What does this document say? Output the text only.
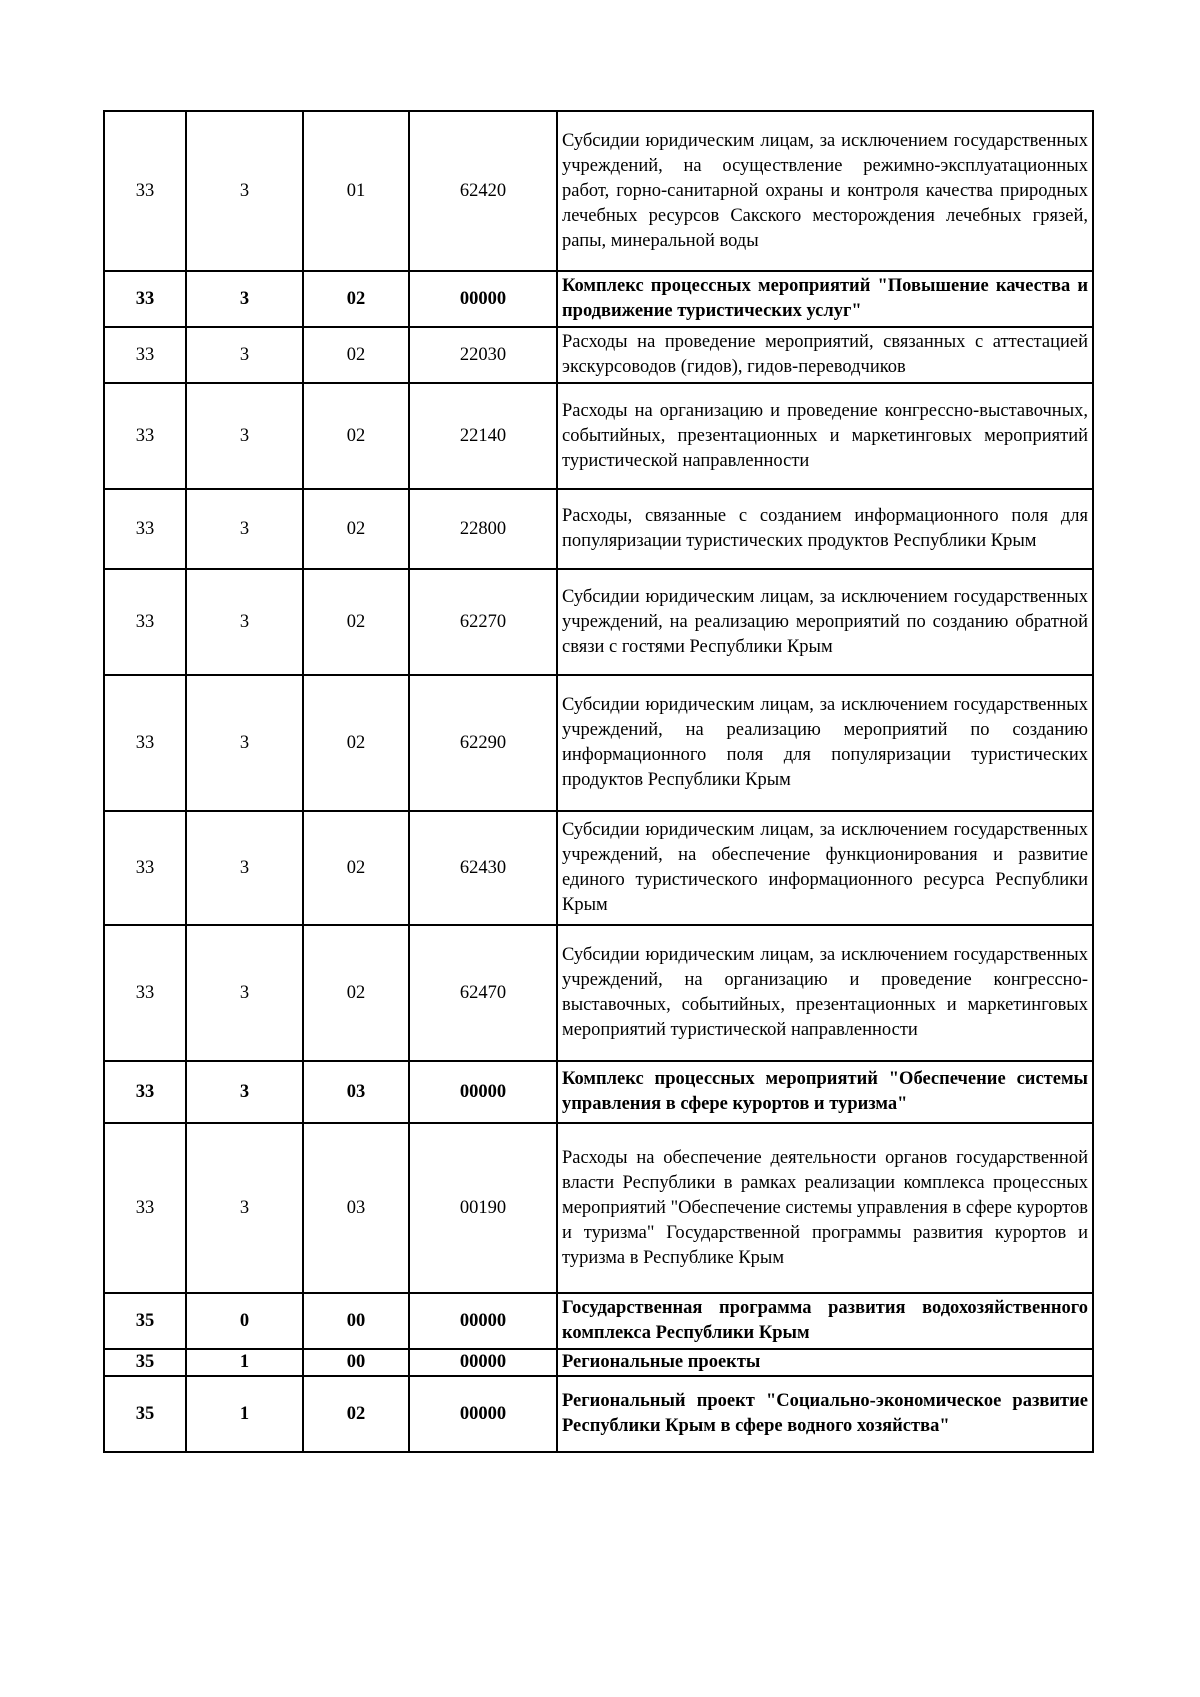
33	3	01	62420	Субсидии юридическим лицам, за исключением государственных учреждений, на осуществление режимно-эксплуатационных работ, горно-санитарной охраны и контроля качества природных лечебных ресурсов Сакского месторождения лечебных грязей, рапы, минеральной воды
33	3	02	00000	Комплекс процессных мероприятий "Повышение качества и продвижение туристических услуг"
33	3	02	22030	Расходы на проведение мероприятий, связанных с аттестацией экскурсоводов (гидов), гидов-переводчиков
33	3	02	22140	Расходы на организацию и проведение конгрессно-выставочных, событийных, презентационных и маркетинговых мероприятий туристической направленности
33	3	02	22800	Расходы, связанные с созданием информационного поля для популяризации туристических продуктов Республики Крым
33	3	02	62270	Субсидии юридическим лицам, за исключением государственных учреждений, на реализацию мероприятий по созданию обратной связи с гостями Республики Крым
33	3	02	62290	Субсидии юридическим лицам, за исключением государственных учреждений, на реализацию мероприятий по созданию информационного поля для популяризации туристических продуктов Республики Крым
33	3	02	62430	Субсидии юридическим лицам, за исключением государственных учреждений, на обеспечение функционирования и развитие единого туристического информационного ресурса Республики Крым
33	3	02	62470	Субсидии юридическим лицам, за исключением государственных учреждений, на организацию и проведение конгрессно-выставочных, событийных, презентационных и маркетинговых мероприятий туристической направленности
33	3	03	00000	Комплекс процессных мероприятий "Обеспечение системы управления в сфере курортов и туризма"
33	3	03	00190	Расходы на обеспечение деятельности органов государственной власти Республики в рамках реализации комплекса процессных мероприятий "Обеспечение системы управления в сфере курортов и туризма" Государственной программы развития курортов и туризма в Республике Крым
35	0	00	00000	Государственная программа развития водохозяйственного комплекса Республики Крым
35	1	00	00000	Региональные проекты
35	1	02	00000	Региональный проект "Социально-экономическое развитие Республики Крым в сфере водного хозяйства"
